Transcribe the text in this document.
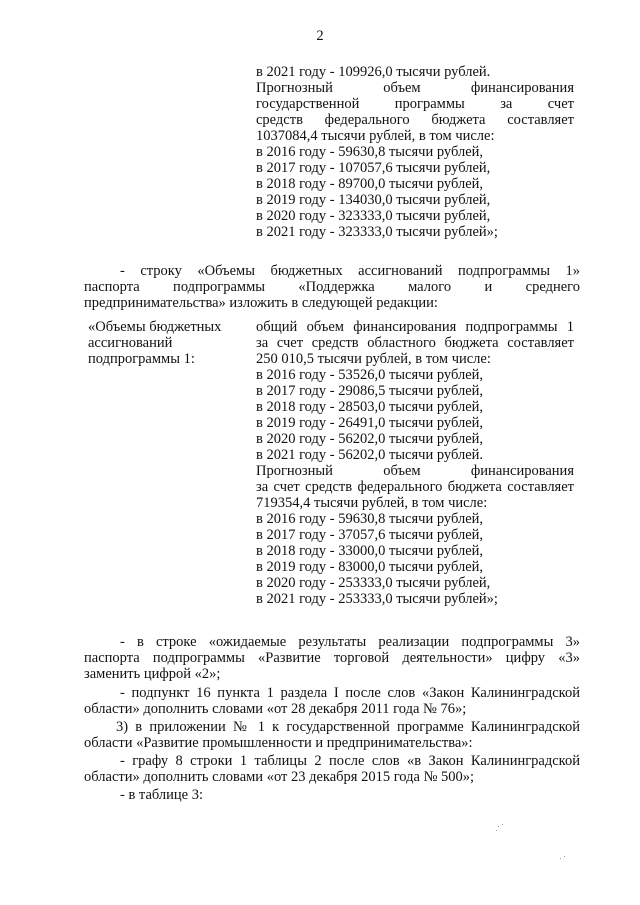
2
в 2021 году - 109926,0 тысячи рублей.
Прогнозный объем финансирования
государственной программы за счет
средств федерального бюджета составляет
1037084,4 тысячи рублей, в том числе:
в 2016 году - 59630,8 тысячи рублей,
в 2017 году - 107057,6 тысячи рублей,
в 2018 году - 89700,0 тысячи рублей,
в 2019 году - 134030,0 тысячи рублей,
в 2020 году - 323333,0 тысячи рублей,
в 2021 году - 323333,0 тысячи рублей»;
- строку «Объемы бюджетных ассигнований подпрограммы 1»
паспорта подпрограммы «Поддержка малого и среднего
предпринимательства» изложить в следующей редакции:
«Объемы бюджетных
ассигнований
подпрограммы 1:
общий объем финансирования подпрограммы 1
за счет средств областного бюджета составляет
250 010,5 тысячи рублей, в том числе:
в 2016 году - 53526,0 тысячи рублей,
в 2017 году - 29086,5 тысячи рублей,
в 2018 году - 28503,0 тысячи рублей,
в 2019 году - 26491,0 тысячи рублей,
в 2020 году - 56202,0 тысячи рублей,
в 2021 году - 56202,0 тысячи рублей.
Прогнозный объем финансирования
за счет средств федерального бюджета составляет
719354,4 тысячи рублей, в том числе:
в 2016 году - 59630,8 тысячи рублей,
в 2017 году - 37057,6 тысячи рублей,
в 2018 году - 33000,0 тысячи рублей,
в 2019 году - 83000,0 тысячи рублей,
в 2020 году - 253333,0 тысячи рублей,
в 2021 году - 253333,0 тысячи рублей»;
- в строке «ожидаемые результаты реализации подпрограммы 3»
паспорта подпрограммы «Развитие торговой деятельности» цифру «3»
заменить цифрой «2»;
- подпункт 16 пункта 1 раздела I после слов «Закон Калининградской
области» дополнить словами «от 28 декабря 2011 года № 76»;
3) в приложении № 1 к государственной программе Калининградской
области «Развитие промышленности и предпринимательства»:
- графу 8 строки 1 таблицы 2 после слов «в Закон Калининградской
области» дополнить словами «от 23 декабря 2015 года № 500»;
- в таблице 3:
